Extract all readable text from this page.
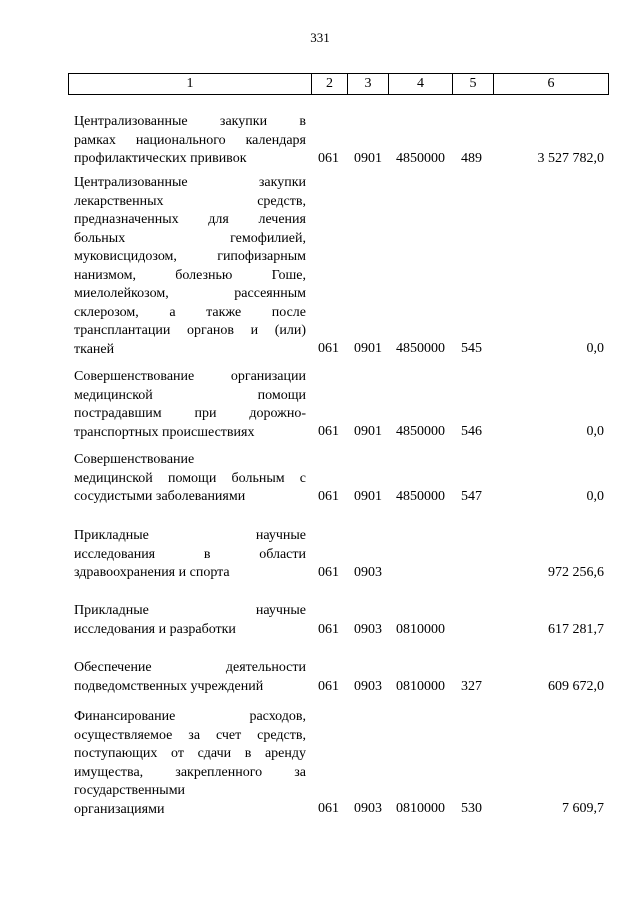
331
1	2	3	4	5	6
Централизованные закупки в
рамках национального календаря
профилактических прививок	061 0901 4850000 489	3 527 782,0
Централизованные закупки
лекарственных средств,
предназначенных для лечения
больных гемофилией,
муковисцидозом, гипофизарным
нанизмом, болезнью Гоше,
миелолейкозом, рассеянным
склерозом, а также после
трансплантации органов и (или)
тканей	061 0901 4850000 545	0,0
Совершенствование организации
медицинской помощи
пострадавшим при дорожно-
транспортных происшествиях	061 0901 4850000 546	0,0
Совершенствование
медицинской помощи больным с
сосудистыми заболеваниями	061 0901 4850000 547	0,0
Прикладные научные
исследования в области
здравоохранения и спорта	061 0903	972 256,6
Прикладные научные
исследования и разработки	061 0903 0810000	617 281,7
Обеспечение деятельности
подведомственных учреждений	061 0903 0810000 327	609 672,0
Финансирование расходов,
осуществляемое за счет средств,
поступающих от сдачи в аренду
имущества, закрепленного за
государственными
организациями	061 0903 0810000 530	7 609,7
